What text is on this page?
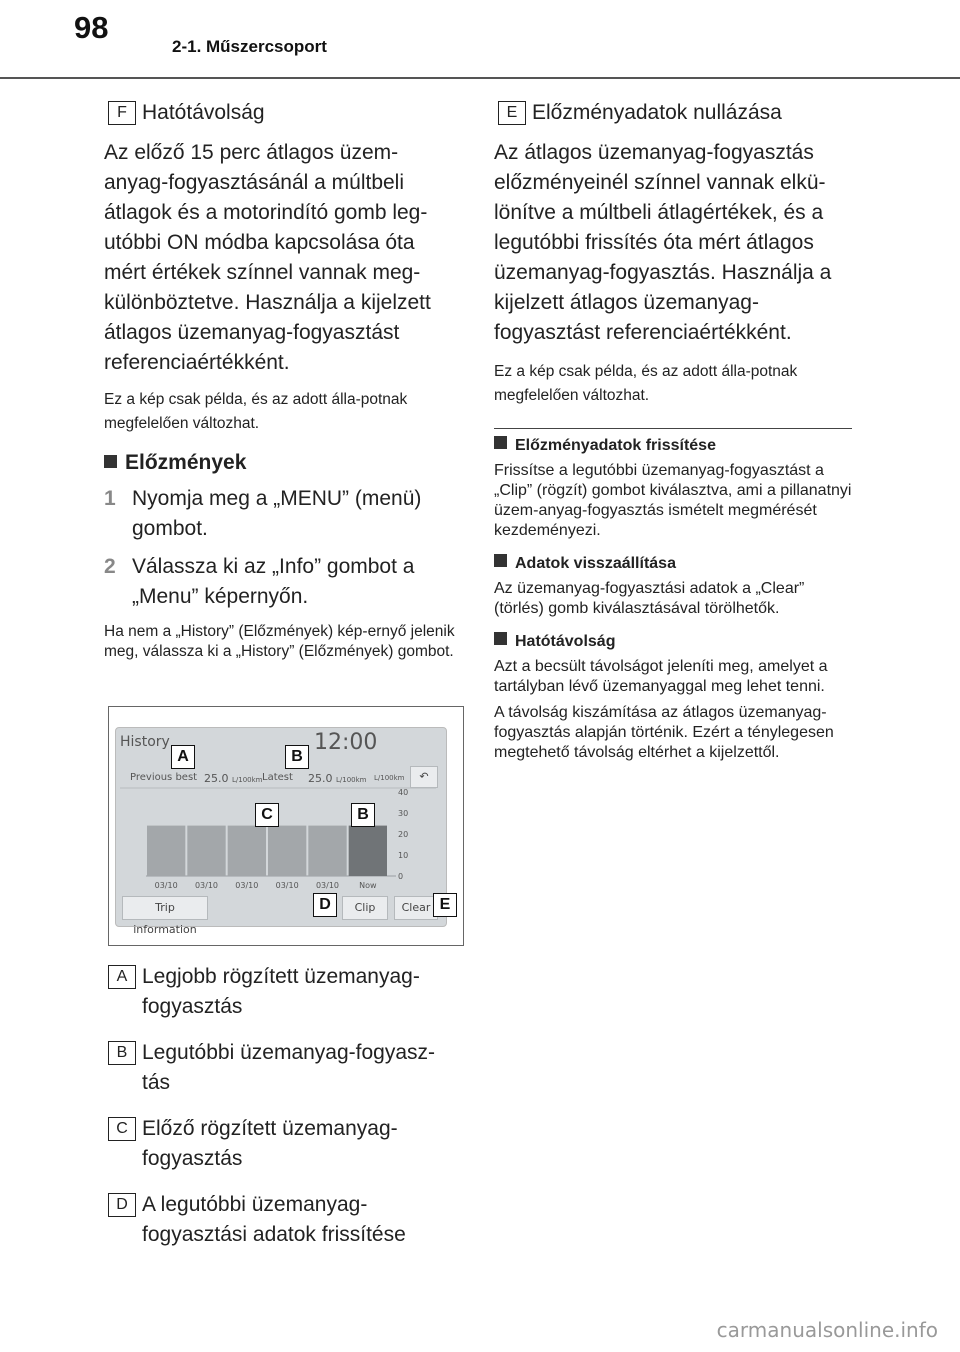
98
2-1. Műszercsoport

F Hatótávolság

Az előző 15 perc átlagos üzem-anyag-fogyasztásánál a múltbeli átlagok és a motorindító gomb leg-utóbbi ON módba kapcsolása óta mért értékek színnel vannak meg-különböztetve. Használja a kijelzett átlagos üzemanyag-fogyasztást referenciaértékként.

Ez a kép csak példa, és az adott álla-potnak megfelelően változhat.

Előzmények

1 Nyomja meg a „MENU” (menü) gombot.

2 Válassza ki az „Info” gombot a „Menu” képernyőn.

Ha nem a „History” (Előzmények) kép-ernyő jelenik meg, válassza ki a „History” (Előzmények) gombot.

History	12:00
Previous best 25.0 L/100km Latest 25.0 L/100km L/100km	↶
40
30
20
10
0
03/10 03/10 03/10 03/10 03/10	Now
Trip information
Clip	Clear
A	B
C	B
D	E

A Legjobb rögzített üzemanyag-fogyasztás

B Legutóbbi üzemanyag-fogyasz-tás

C Előző rögzített üzemanyag-fogyasztás

D A legutóbbi üzemanyag-fogyasztási adatok frissítése

E Előzményadatok nullázása

Az átlagos üzemanyag-fogyasztás előzményeinél színnel vannak elkü-lönítve a múltbeli átlagértékek, és a legutóbbi frissítés óta mért átlagos üzemanyag-fogyasztás. Használja a kijelzett átlagos üzemanyag-fogyasztást referenciaértékként.

Ez a kép csak példa, és az adott álla-potnak megfelelően változhat.

Előzményadatok frissítése

Frissítse a legutóbbi üzemanyag-fogyasztást a „Clip” (rögzít) gombot kiválasztva, ami a pillanatnyi üzem-anyag-fogyasztás ismételt megmérését kezdeményezi.

Adatok visszaállítása

Az üzemanyag-fogyasztási adatok a „Clear” (törlés) gomb kiválasztásával törölhetők.

Hatótávolság

Azt a becsült távolságot jeleníti meg, amelyet a tartályban lévő üzemanyaggal meg lehet tenni.

A távolság kiszámítása az átlagos üzemanyag-fogyasztás alapján történik. Ezért a ténylegesen megtehető távolság eltérhet a kijelzettől.

carmanualsonline.info
